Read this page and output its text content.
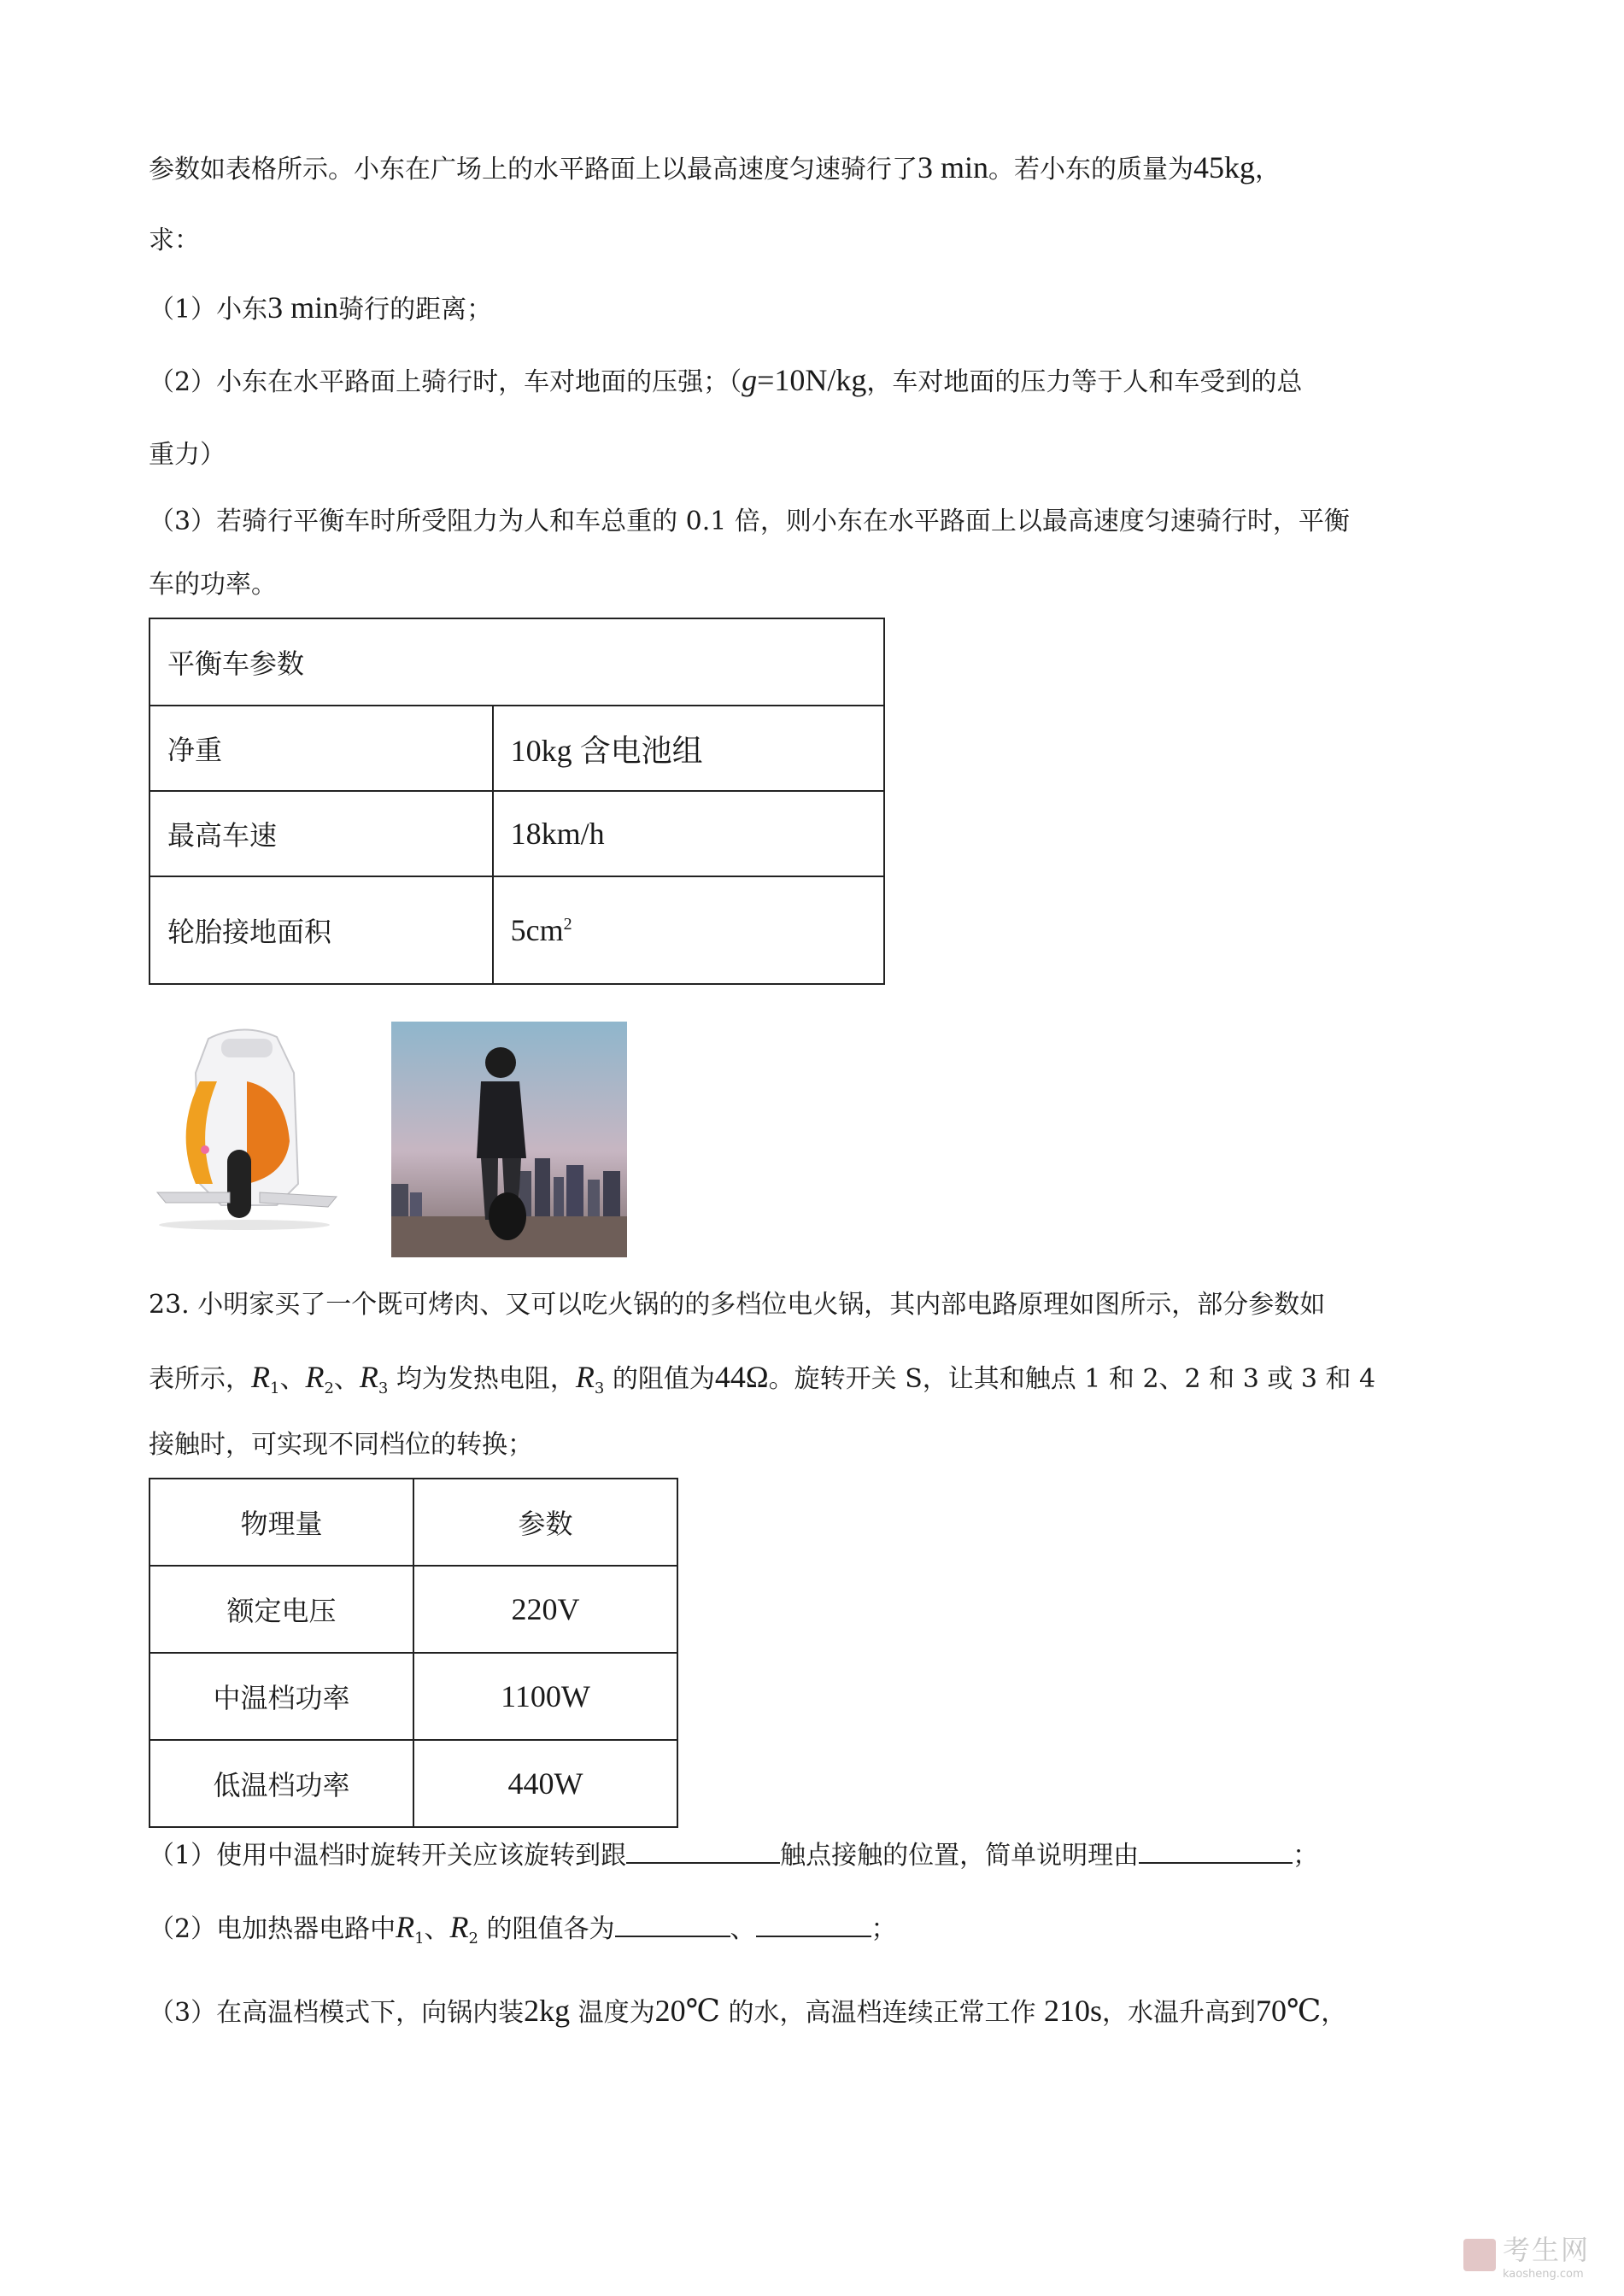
参数如表格所示。小东在广场上的水平路面上以最高速度匀速骑行了3 min。若小东的质量为45kg，
求：
（1）小东3 min骑行的距离；
（2）小东在水平路面上骑行时，车对地面的压强；（g=10N/kg，车对地面的压力等于人和车受到的总
重力）
（3）若骑行平衡车时所受阻力为人和车总重的 0.1 倍，则小东在水平路面上以最高速度匀速骑行时，平衡
车的功率。
平衡车参数	
净重	10kg 含电池组
最高车速	18km/h
轮胎接地面积	$5cm^2$
23. 小明家买了一个既可烤肉、又可以吃火锅的的多档位电火锅，其内部电路原理如图所示，部分参数如
表所示，$R_1$、$R_2$、$R_3$ 均为发热电阻，$R_3$ 的阻值为44Ω。旋转开关 S，让其和触点 1 和 2、2 和 3 或 3 和 4
接触时，可实现不同档位的转换；
物理量	参数
额定电压	220V
中温档功率	1100W
低温档功率	440W
（1）使用中温档时旋转开关应该旋转到跟	触点接触的位置，简单说明理由	；
（2）电加热器电路中$R_1$、$R_2$ 的阻值各为	、	；
（3）在高温档模式下，向锅内装2kg 温度为20℃ 的水，高温档连续正常工作 210s，水温升高到70℃，
考生网
kaosheng.com
